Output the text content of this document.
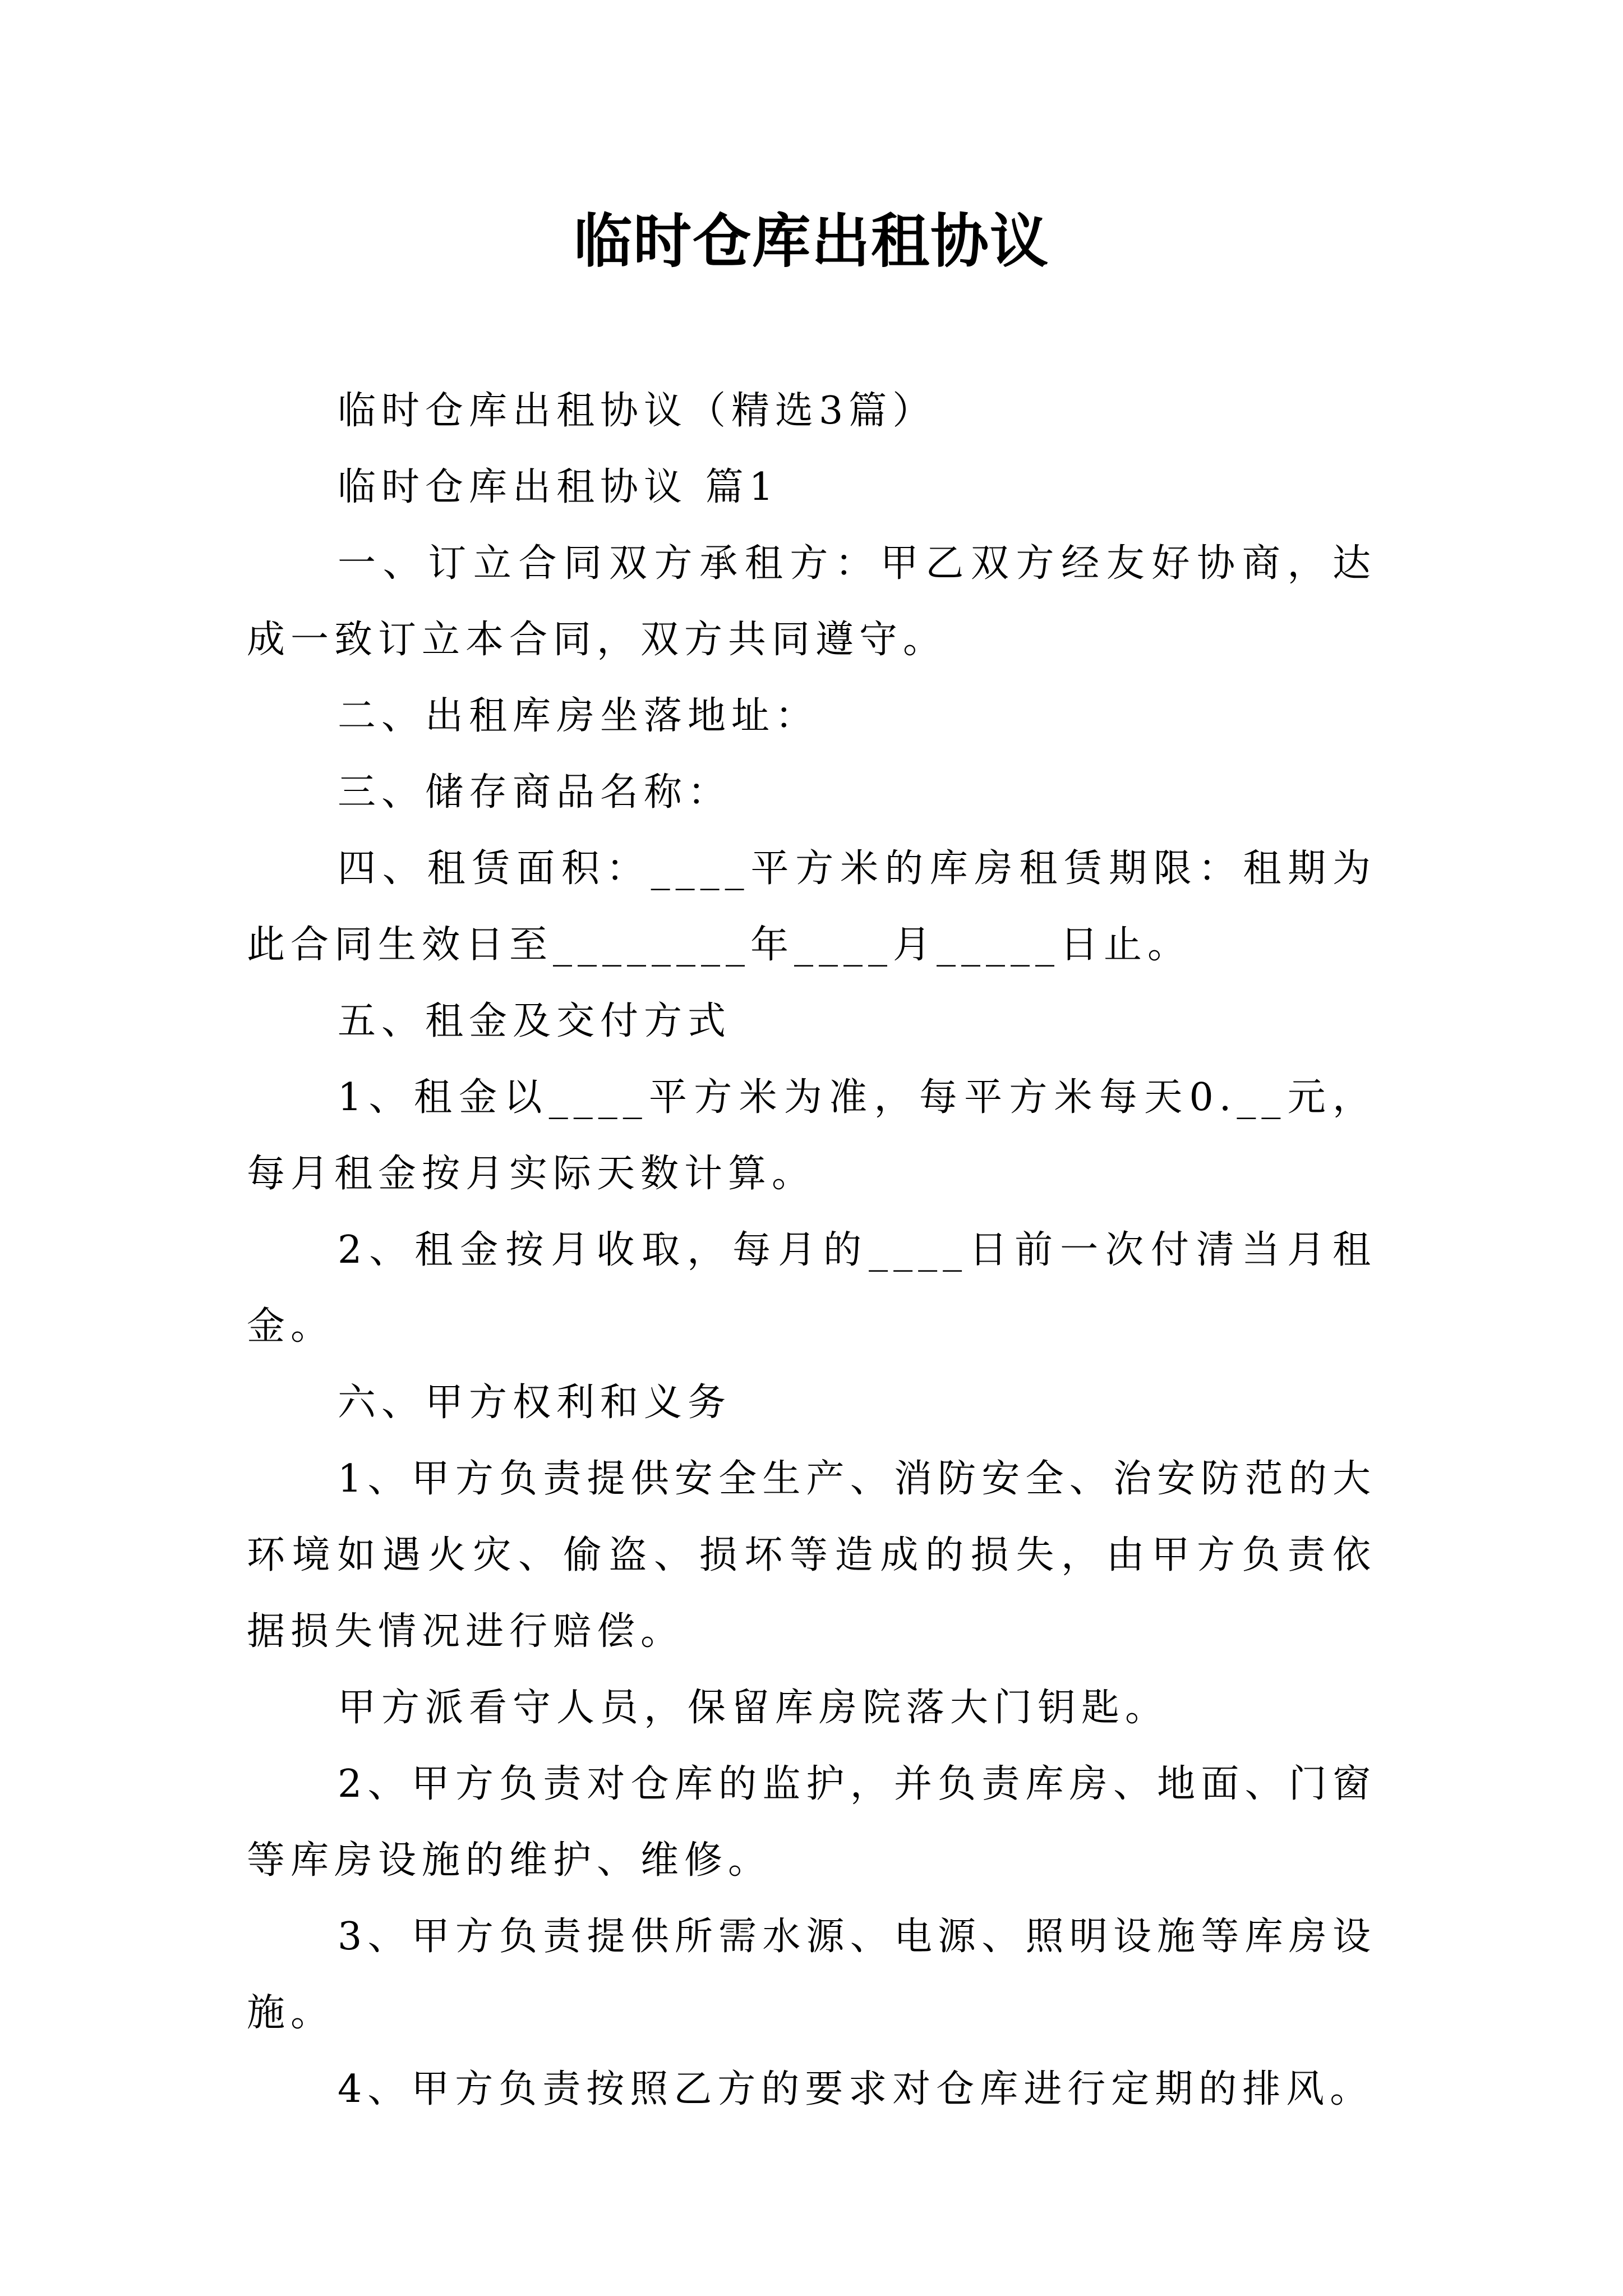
临时仓库出租协议

临时仓库出租协议（精选3篇）

临时仓库出租协议 篇1

一、订立合同双方承租方：甲乙双方经友好协商，达成一致订立本合同，双方共同遵守。

二、出租库房坐落地址：

三、储存商品名称：

四、租赁面积：____平方米的库房租赁期限：租期为此合同生效日至________年____月_____日止。

五、租金及交付方式

1、租金以____平方米为准，每平方米每天0.__元，每月租金按月实际天数计算。

2、租金按月收取，每月的____日前一次付清当月租金。

六、甲方权利和义务

1、甲方负责提供安全生产、消防安全、治安防范的大环境如遇火灾、偷盗、损坏等造成的损失，由甲方负责依据损失情况进行赔偿。

甲方派看守人员，保留库房院落大门钥匙。

2、甲方负责对仓库的监护，并负责库房、地面、门窗等库房设施的维护、维修。

3、甲方负责提供所需水源、电源、照明设施等库房设施。

4、甲方负责按照乙方的要求对仓库进行定期的排风。
